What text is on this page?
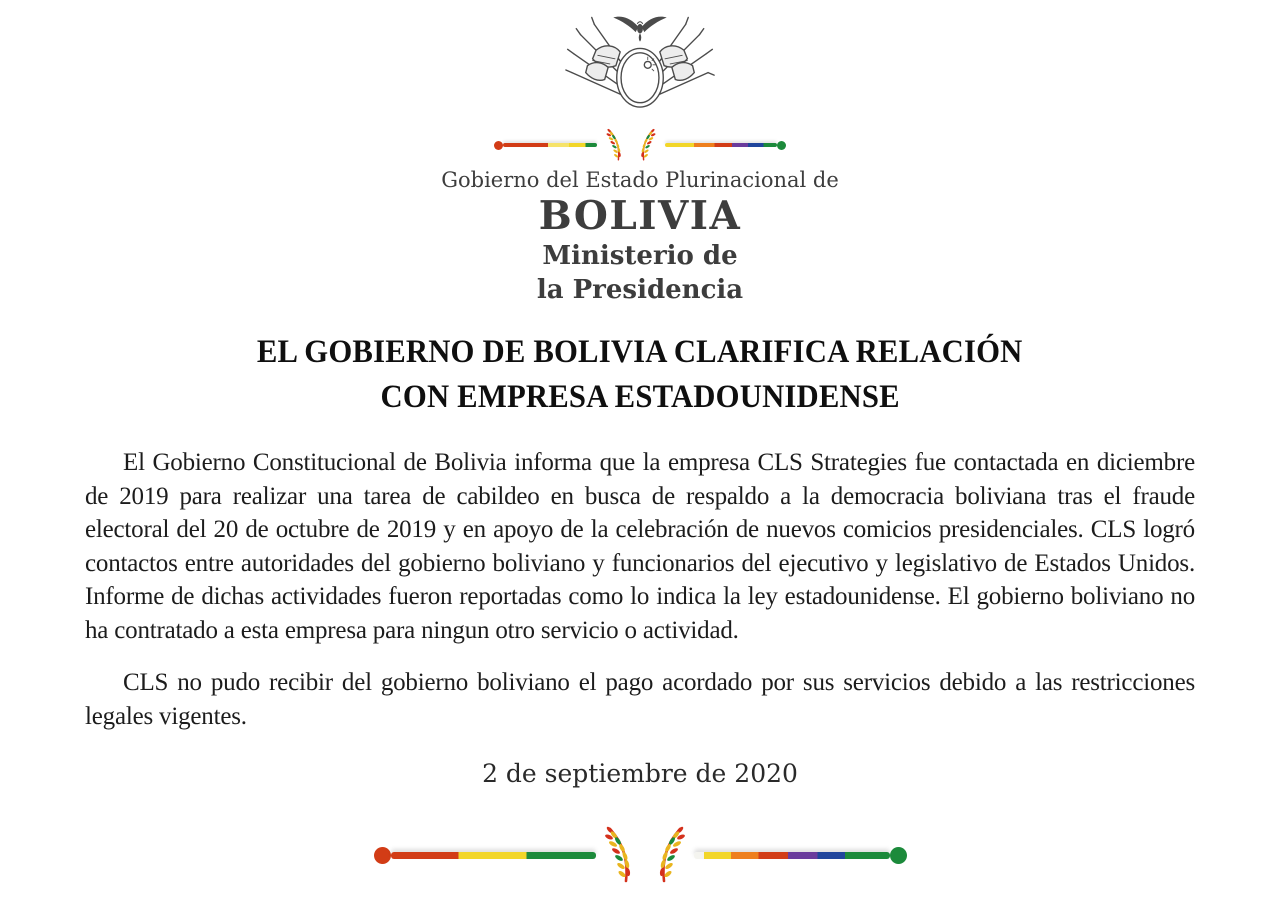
Gobierno del Estado Plurinacional de
BOLIVIA
Ministerio de
la Presidencia
EL GOBIERNO DE BOLIVIA CLARIFICA RELACIÓN
CON EMPRESA ESTADOUNIDENSE

El Gobierno Constitucional de Bolivia informa que la empresa CLS Strategies fue contactada en diciembre de 2019 para realizar una tarea de cabildeo en busca de respaldo a la democracia boliviana tras el fraude electoral del 20 de octubre de 2019 y en apoyo de la celebración de nuevos comicios presidenciales. CLS logró contactos entre autoridades del gobierno boliviano y funcionarios del ejecutivo y legislativo de Estados Unidos. Informe de dichas actividades fueron reportadas como lo indica la ley estadounidense. El gobierno boliviano no ha contratado a esta empresa para ningun otro servicio o actividad.

CLS no pudo recibir del gobierno boliviano el pago acordado por sus servicios debido a las restricciones legales vigentes.

2 de septiembre de 2020
